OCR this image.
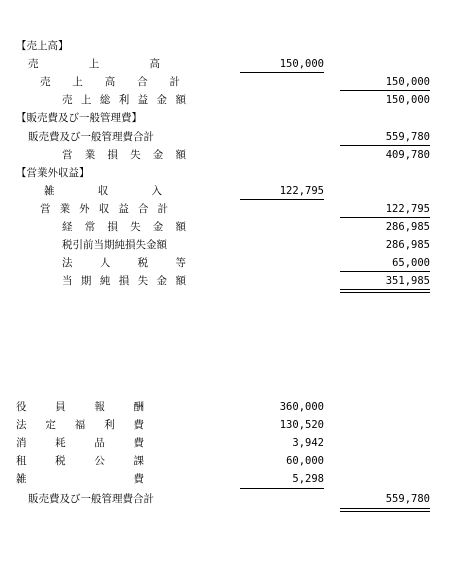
【売上高】
売	上	高	150,000
売 上 高 合 計	150,000
売 上 総 利 益 金 額	150,000
【販売費及び一般管理費】
販売費及び一般管理費合計	559,780
営 業 損 失 金 額	409,780
【営業外収益】
雑	収	入	122,795
営 業 外 収 益 合 計	122,795
経 常 損 失 金 額	286,985
税引前当期純損失金額	286,985
法	人	税	等	65,000
当 期 純 損 失 金 額	351,985
役	員	報	酬	360,000
法 定 福 利 費	130,520
消	耗	品	費	3,942
租	税	公	課	60,000
雑	費	5,298
販売費及び一般管理費合計	559,780
